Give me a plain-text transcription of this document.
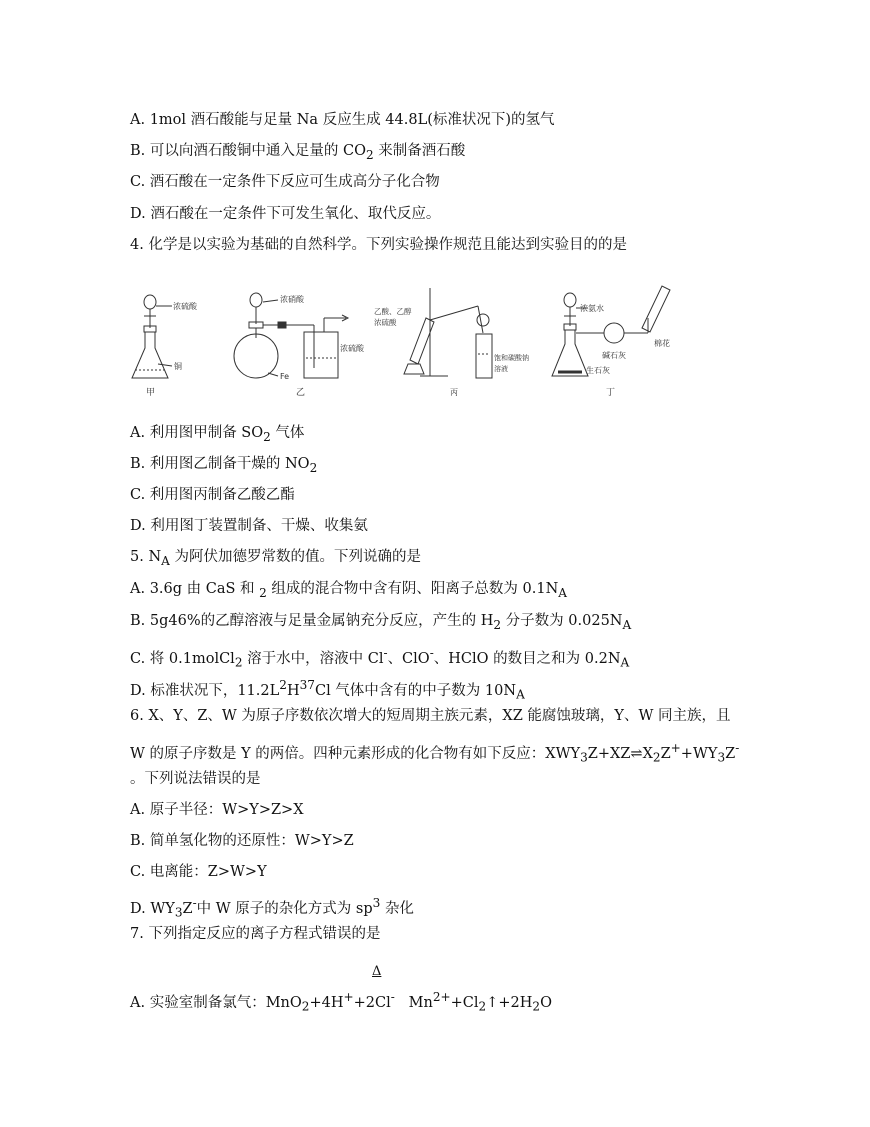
A. 1mol 酒石酸能与足量 Na 反应生成 44.8L(标准状况下)的氢气
B. 可以向酒石酸铜中通入足量的 $CO_2$ 来制备酒石酸
C. 酒石酸在一定条件下反应可生成高分子化合物
D. 酒石酸在一定条件下可发生氧化、取代反应。
4. 化学是以实验为基础的自然科学。下列实验操作规范且能达到实验目的的是
浓硫酸
铜
甲
浓硝酸
Fe
浓硫酸
乙
乙酸、乙醇
浓硫酸
饱和碳酸钠
溶液
丙
浓氨水
碱石灰
棉花
生石灰
丁
A. 利用图甲制备 $SO_2$ 气体
B. 利用图乙制备干燥的 $NO_2$
C. 利用图丙制备乙酸乙酯
D. 利用图丁装置制备、干燥、收集氨
5. $N_A$ 为阿伏加德罗常数的值。下列说确的是
A. 3.6g 由 CaS 和 $_2$ 组成的混合物中含有阴、阳离子总数为 $0.1N_A$
B. 5g46%的乙醇溶液与足量金属钠充分反应，产生的 $H_2$ 分子数为 $0.025N_A$
C. 将 0.1molCl$_2$ 溶于水中，溶液中 Cl-、ClO-、HClO 的数目之和为 $0.2N_A$
D. 标准状况下，$11.2L^2H^{37}Cl$ 气体中含有的中子数为 $10N_A$
6. X、Y、Z、W 为原子序数依次增大的短周期主族元素，XZ 能腐蚀玻璃，Y、W 同主族，且
W 的原子序数是 Y 的两倍。四种元素形成的化合物有如下反应：$XWY_3Z+XZ\rightleftharpoons X_2Z^++WY_3Z^-$
。下列说法错误的是
A. 原子半径：W>Y>Z>X
B. 简单氢化物的还原性：W>Y>Z
C. 电离能：Z>W>Y
D. $WY_3Z^-$中 W 原子的杂化方式为 $sp^3$ 杂化
7. 下列指定反应的离子方程式错误的是
Δ
A. 实验室制备氯气：MnO$_2$+4H++2Cl-   $Mn^{2+}+Cl_2↑+2H_2O$
